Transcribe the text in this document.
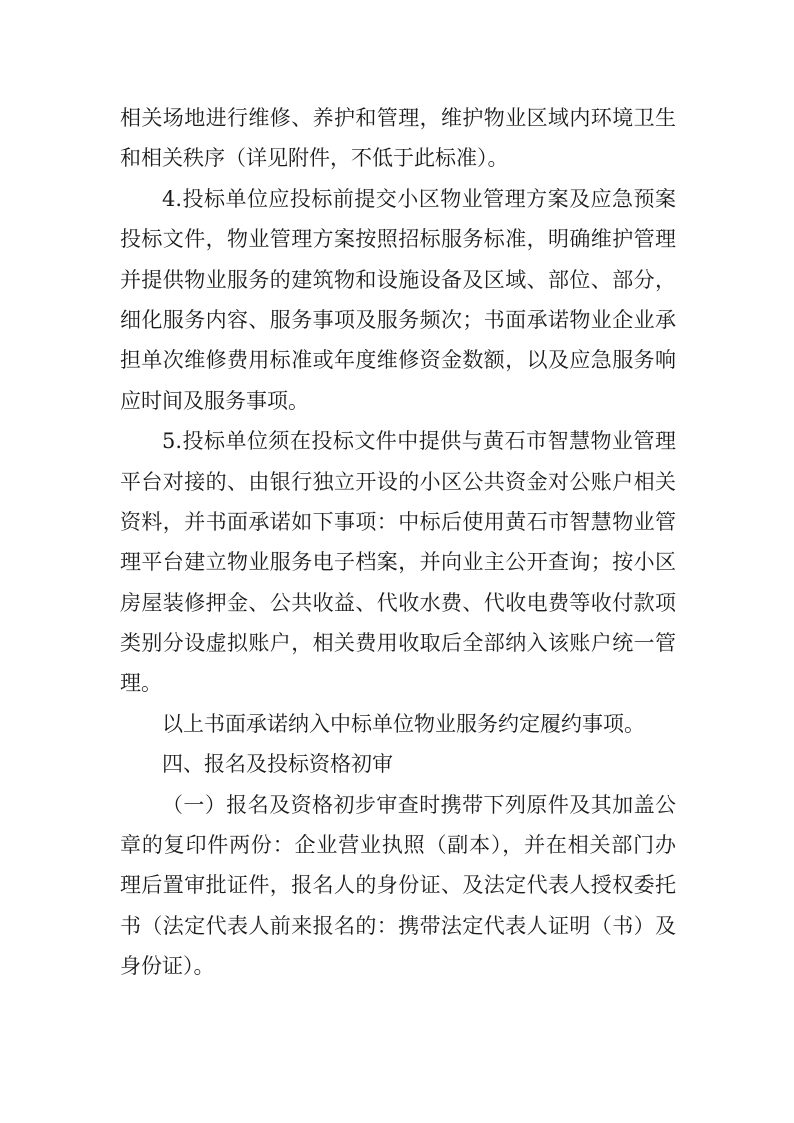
相关场地进行维修、养护和管理，维护物业区域内环境卫生
和相关秩序（详见附件，不低于此标准）。
4.投标单位应投标前提交小区物业管理方案及应急预案
投标文件，物业管理方案按照招标服务标准，明确维护管理
并提供物业服务的建筑物和设施设备及区域、部位、部分，
细化服务内容、服务事项及服务频次；书面承诺物业企业承
担单次维修费用标准或年度维修资金数额，以及应急服务响
应时间及服务事项。
5.投标单位须在投标文件中提供与黄石市智慧物业管理
平台对接的、由银行独立开设的小区公共资金对公账户相关
资料，并书面承诺如下事项：中标后使用黄石市智慧物业管
理平台建立物业服务电子档案，并向业主公开查询；按小区
房屋装修押金、公共收益、代收水费、代收电费等收付款项
类别分设虚拟账户，相关费用收取后全部纳入该账户统一管
理。
以上书面承诺纳入中标单位物业服务约定履约事项。
四、报名及投标资格初审
（一）报名及资格初步审查时携带下列原件及其加盖公
章的复印件两份：企业营业执照（副本），并在相关部门办
理后置审批证件，报名人的身份证、及法定代表人授权委托
书（法定代表人前来报名的：携带法定代表人证明（书）及
身份证）。
